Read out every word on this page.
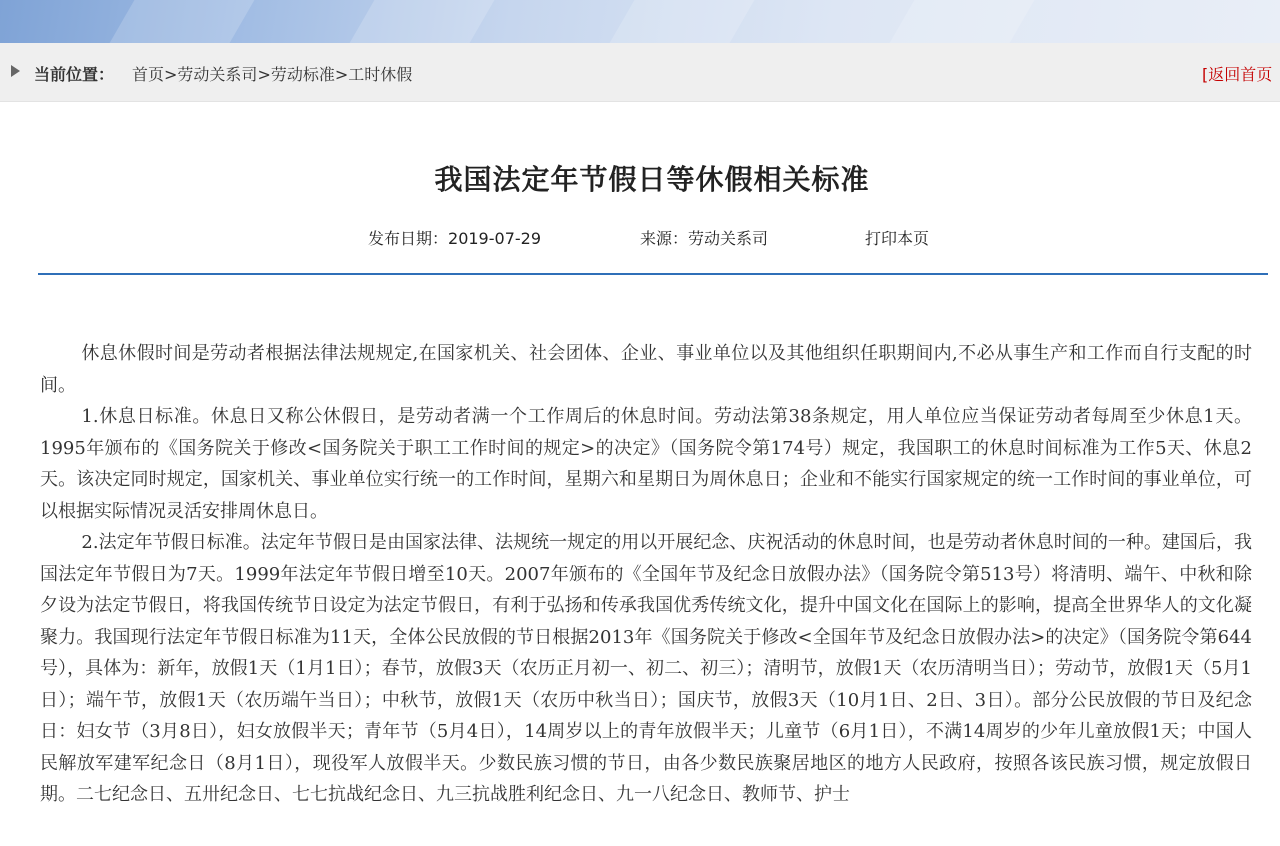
当前位置： 首页>劳动关系司>劳动标准>工时休假	[返回首页
我国法定年节假日等休假相关标准
发布日期：2019-07-29	来源：劳动关系司	打印本页

休息休假时间是劳动者根据法律法规规定,在国家机关、社会团体、企业、事业单位以及其他组织任职期间内,不必从事生产和工作而自行支配的时间。

1.休息日标准。休息日又称公休假日，是劳动者满一个工作周后的休息时间。劳动法第38条规定，用人单位应当保证劳动者每周至少休息1天。1995年颁布的《国务院关于修改<国务院关于职工工作时间的规定>的决定》（国务院令第174号）规定，我国职工的休息时间标准为工作5天、休息2天。该决定同时规定，国家机关、事业单位实行统一的工作时间，星期六和星期日为周休息日；企业和不能实行国家规定的统一工作时间的事业单位，可以根据实际情况灵活安排周休息日。

2.法定年节假日标准。法定年节假日是由国家法律、法规统一规定的用以开展纪念、庆祝活动的休息时间，也是劳动者休息时间的一种。建国后，我国法定年节假日为7天。1999年法定年节假日增至10天。2007年颁布的《全国年节及纪念日放假办法》（国务院令第513号）将清明、端午、中秋和除夕设为法定节假日，将我国传统节日设定为法定节假日，有利于弘扬和传承我国优秀传统文化，提升中国文化在国际上的影响，提高全世界华人的文化凝聚力。我国现行法定年节假日标准为11天，全体公民放假的节日根据2013年《国务院关于修改<全国年节及纪念日放假办法>的决定》（国务院令第644号），具体为：新年，放假1天（1月1日）；春节，放假3天（农历正月初一、初二、初三）；清明节，放假1天（农历清明当日）；劳动节，放假1天（5月1日）；端午节，放假1天（农历端午当日）；中秋节，放假1天（农历中秋当日）；国庆节，放假3天（10月1日、2日、3日）。部分公民放假的节日及纪念日：妇女节（3月8日），妇女放假半天；青年节（5月4日），14周岁以上的青年放假半天；儿童节（6月1日），不满14周岁的少年儿童放假1天；中国人民解放军建军纪念日（8月1日），现役军人放假半天。少数民族习惯的节日，由各少数民族聚居地区的地方人民政府，按照各该民族习惯，规定放假日期。二七纪念日、五卅纪念日、七七抗战纪念日、九三抗战胜利纪念日、九一八纪念日、教师节、护士
